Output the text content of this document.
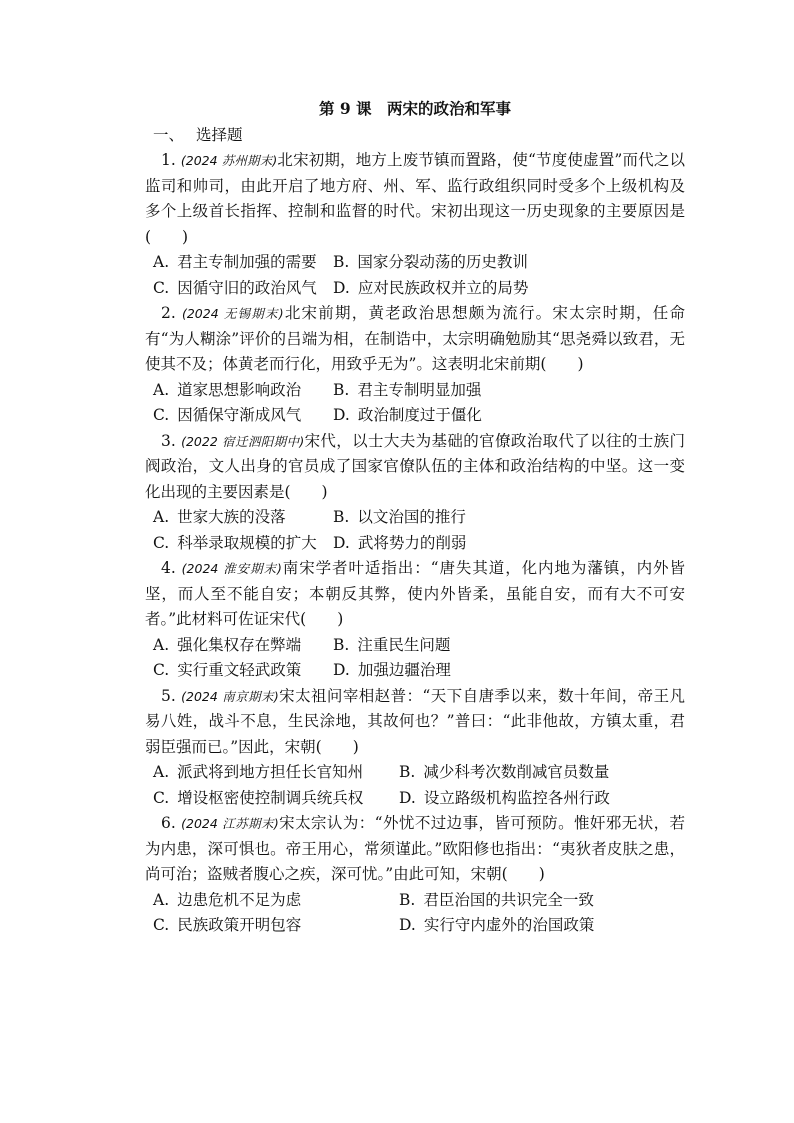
第 9 课　两宋的政治和军事
一、 选择题

1. (2024 苏州期末)北宋初期，地方上废节镇而置路，使“节度使虚置”而代之以监司和帅司，由此开启了地方府、州、军、监行政组织同时受多个上级机构及多个上级首长指挥、控制和监督的时代。宋初出现这一历史现象的主要原因是(　　)

A. 君主专制加强的需要	B. 国家分裂动荡的历史教训
C. 因循守旧的政治风气	D. 应对民族政权并立的局势

2. (2024 无锡期末)北宋前期，黄老政治思想颇为流行。宋太宗时期，任命有“为人糊涂”评价的吕端为相，在制诰中，太宗明确勉励其“思尧舜以致君，无使其不及；体黄老而行化，用致乎无为”。这表明北宋前期(　　)

A. 道家思想影响政治	B. 君主专制明显加强
C. 因循保守渐成风气	D. 政治制度过于僵化

3. (2022 宿迁泗阳期中)宋代，以士大夫为基础的官僚政治取代了以往的士族门阀政治，文人出身的官员成了国家官僚队伍的主体和政治结构的中坚。这一变化出现的主要因素是(　　)

A. 世家大族的没落	B. 以文治国的推行
C. 科举录取规模的扩大	D. 武将势力的削弱

4. (2024 淮安期末)南宋学者叶适指出：“唐失其道，化内地为藩镇，内外皆坚，而人至不能自安；本朝反其弊，使内外皆柔，虽能自安，而有大不可安者。”此材料可佐证宋代(　　)

A. 强化集权存在弊端	B. 注重民生问题
C. 实行重文轻武政策	D. 加强边疆治理

5. (2024 南京期末)宋太祖问宰相赵普：“天下自唐季以来，数十年间，帝王凡易八姓，战斗不息，生民涂地，其故何也？”普曰：“此非他故，方镇太重，君弱臣强而已。”因此，宋朝(　　)

A. 派武将到地方担任长官知州	B. 减少科考次数削减官员数量
C. 增设枢密使控制调兵统兵权	D. 设立路级机构监控各州行政

6. (2024 江苏期末)宋太宗认为：“外忧不过边事，皆可预防。惟奸邪无状，若为内患，深可惧也。帝王用心，常须谨此。”欧阳修也指出：“夷狄者皮肤之患，尚可治；盗贼者腹心之疾，深可忧。”由此可知，宋朝(　　)

A. 边患危机不足为虑	B. 君臣治国的共识完全一致
C. 民族政策开明包容	D. 实行守内虚外的治国政策
